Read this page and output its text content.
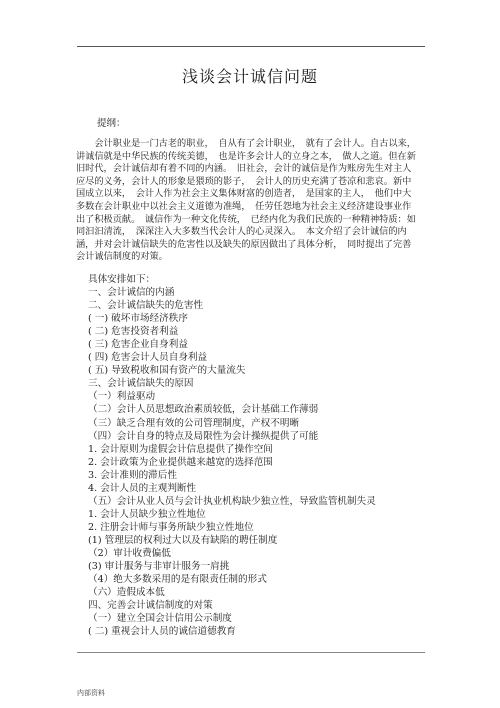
浅谈会计诚信问题
提纲：
　　会计职业是一门古老的职业，　自从有了会计职业，　就有了会计人。自古以来，
讲诚信就是中华民族的传统美德，　也是许多会计人的立身之本，　做人之道。但在新
旧时代，会计诚信却有着不同的内涵。　旧社会，会计的诚信是作为账房先生对主人
应尽的义务，会计人的形象是猥琐的影子，　会计人的历史充满了苍凉和悲哀。新中
国成立以来，　会计人作为社会主义集体财富的创造者，　是国家的主人，　他们中大
多数在会计职业中以社会主义道德为准绳，　任劳任怨地为社会主义经济建设事业作
出了积极贡献。　诚信作为一种文化传统，　已经内化为我们民族的一种精神特质：如
同汩汩清流，　深深注入大多数当代会计人的心灵深入。　本文介绍了会计诚信的内
涵，并对会计诚信缺失的危害性以及缺失的原因做出了具体分析，　同时提出了完善
会计诚信制度的对策。
具体安排如下：
一、会计诚信的内涵
二、会计诚信缺失的危害性
( 一) 破坏市场经济秩序
( 二) 危害投资者利益
( 三) 危害企业自身利益
( 四) 危害会计人员自身利益
( 五) 导致税收和国有资产的大量流失
三、会计诚信缺失的原因
（一）利益驱动
（二）会计人员思想政治素质较低，会计基础工作薄弱
（三）缺乏合理有效的公司管理制度，产权不明晰
（四）会计自身的特点及局限性为会计操纵提供了可能
1. 会计原则为虚假会计信息提供了操作空间
2. 会计政策为企业提供越来越宽的选择范围
3. 会计准则的滞后性
4. 会计人员的主观判断性
（五）会计从业人员与会计执业机构缺少独立性，导致监管机制失灵
1. 会计人员缺少独立性地位
2. 注册会计师与事务所缺少独立性地位
(1) 管理层的权利过大以及有缺陷的聘任制度
（2）审计收费偏低
(3) 审计服务与非审计服务一肩挑
（4）绝大多数采用的是有限责任制的形式
（六）造假成本低
四、完善会计诚信制度的对策
（一）建立全国会计信用公示制度
( 二) 重视会计人员的诚信道德教育
内部资料
